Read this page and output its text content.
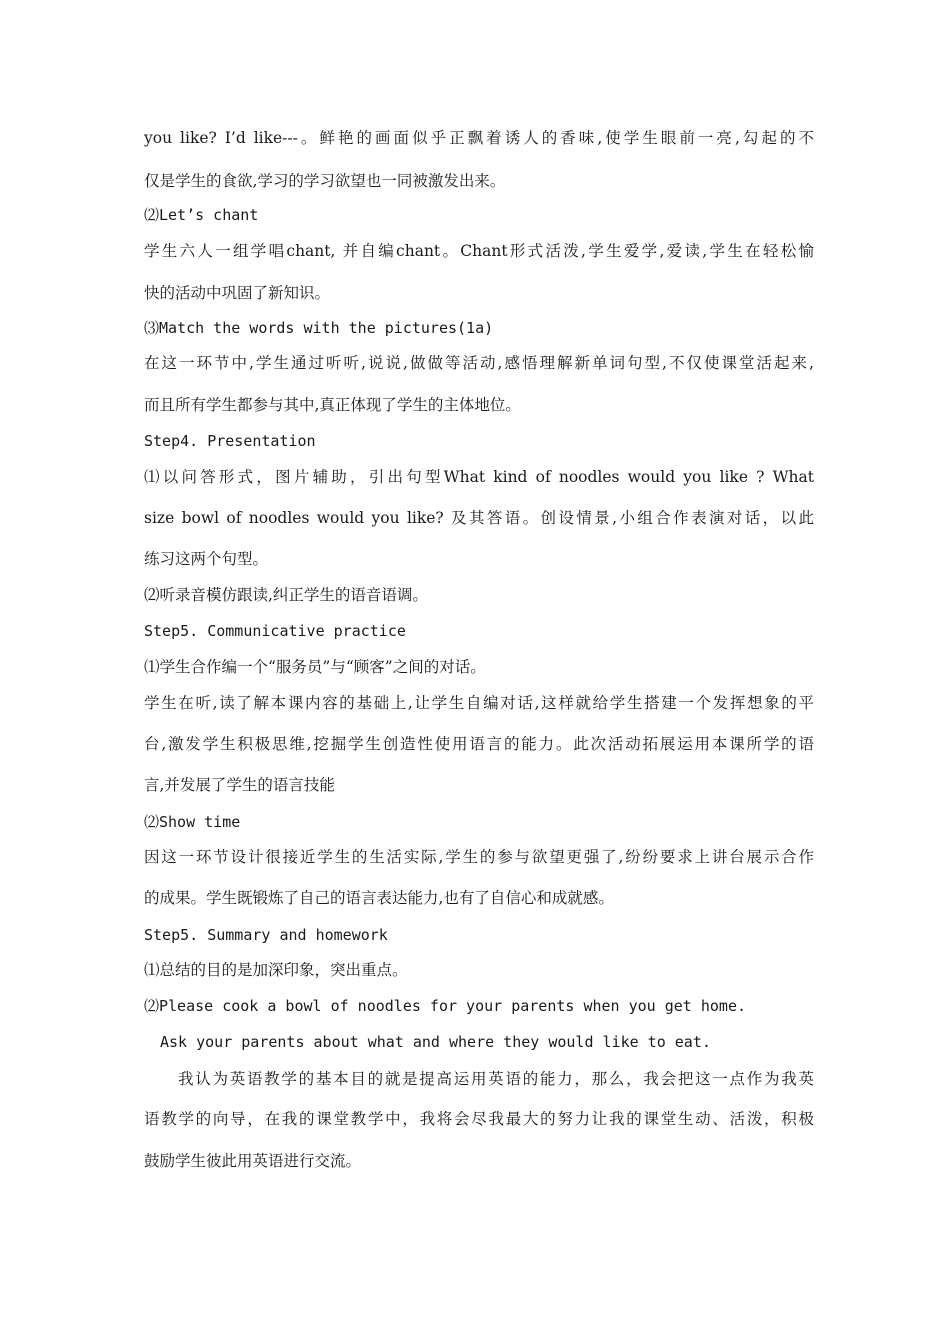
you like? I’d like---。鲜艳的画面似乎正飘着诱人的香味,使学生眼前一亮,勾起的不
仅是学生的食欲,学习的学习欲望也一同被激发出来。
⑵Let’s chant
学生六人一组学唱chant, 并自编chant。Chant形式活泼,学生爱学,爱读,学生在轻松愉
快的活动中巩固了新知识。
⑶Match the words with the pictures(1a)
在这一环节中,学生通过听听,说说,做做等活动,感悟理解新单词句型,不仅使课堂活起来,
而且所有学生都参与其中,真正体现了学生的主体地位。
Step4. Presentation
⑴以问答形式，图片辅助，引出句型What kind of noodles would you like ? What
size bowl of noodles would you like? 及其答语。创设情景,小组合作表演对话，以此
练习这两个句型。
⑵听录音模仿跟读,纠正学生的语音语调。
Step5. Communicative practice
⑴学生合作编一个“服务员”与“顾客”之间的对话。
学生在听,读了解本课内容的基础上,让学生自编对话,这样就给学生搭建一个发挥想象的平
台,激发学生积极思维,挖掘学生创造性使用语言的能力。此次活动拓展运用本课所学的语
言,并发展了学生的语言技能
⑵Show time
因这一环节设计很接近学生的生活实际,学生的参与欲望更强了,纷纷要求上讲台展示合作
的成果。学生既锻炼了自己的语言表达能力,也有了自信心和成就感。
Step5. Summary and homework
⑴总结的目的是加深印象，突出重点。
⑵Please cook a bowl of noodles for your parents when you get home.
Ask your parents about what and where they would like to eat.
我认为英语教学的基本目的就是提高运用英语的能力，那么，我会把这一点作为我英
语教学的向导，在我的课堂教学中，我将会尽我最大的努力让我的课堂生动、活泼，积极
鼓励学生彼此用英语进行交流。
